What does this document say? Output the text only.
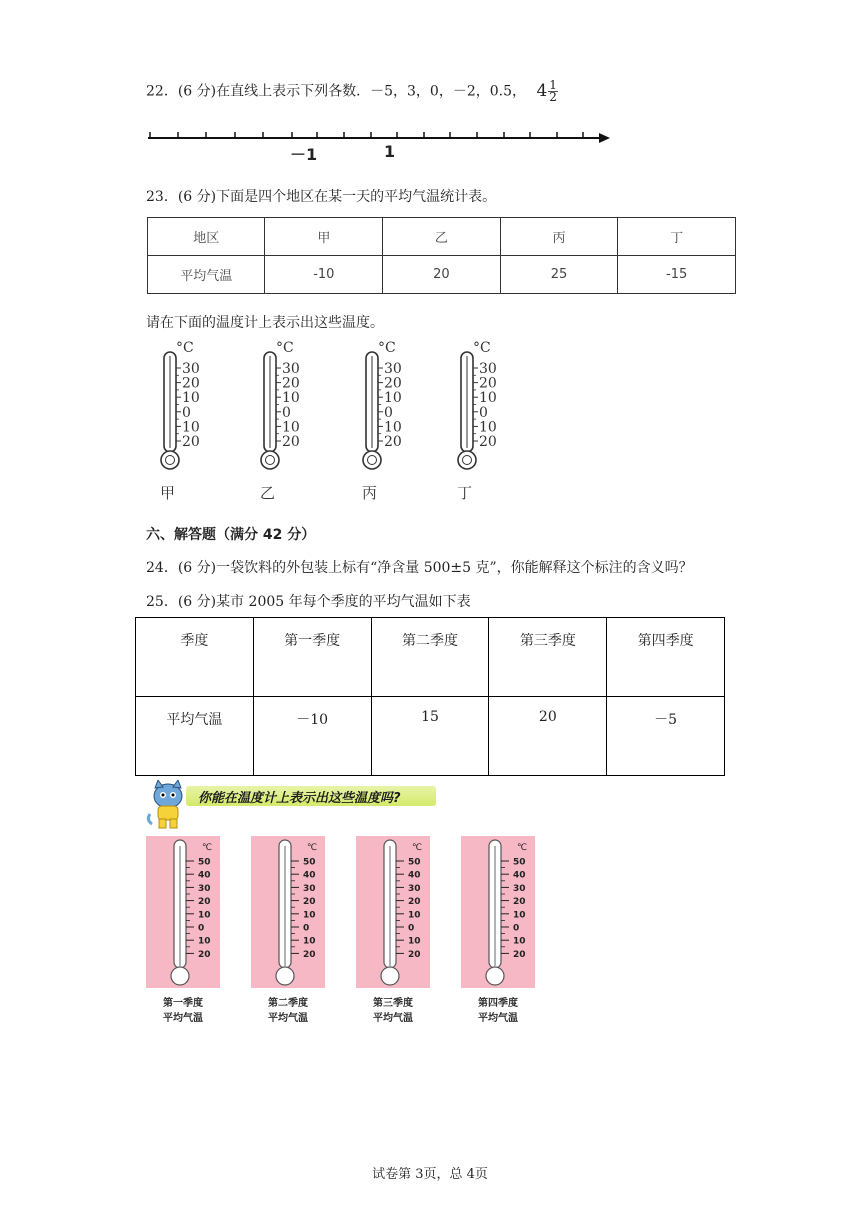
22．(6 分)在直线上表示下列各数．－5，3，0，－2，0.5， $4 \frac{1}{2}$
－1	1
23．(6 分)下面是四个地区在某一天的平均气温统计表。
地区	甲	乙	丙	丁
平均气温	-10	20	25	-15
请在下面的温度计上表示出这些温度。
°C
30
20
10
0
10
20
甲
°C
30
20
10
0
10
20
乙
°C
30
20
10
0
10
20
丙
°C
30
20
10
0
10
20
丁
六、解答题（满分 42 分）
24．(6 分)一袋饮料的外包装上标有“净含量 500±5 克”，你能解释这个标注的含义吗？
25．(6 分)某市 2005 年每个季度的平均气温如下表
季度	第一季度	第二季度	第三季度	第四季度
平均气温	－10	15	20	－5
你能在温度计上表示出这些温度吗?
℃
50
40
30
20
10
0
10
20
第一季度
平均气温
℃
50
40
30
20
10
0
10
20
第二季度
平均气温
℃
50
40
30
20
10
0
10
20
第三季度
平均气温
℃
50
40
30
20
10
0
10
20
第四季度
平均气温
试卷第 3页，总 4页
